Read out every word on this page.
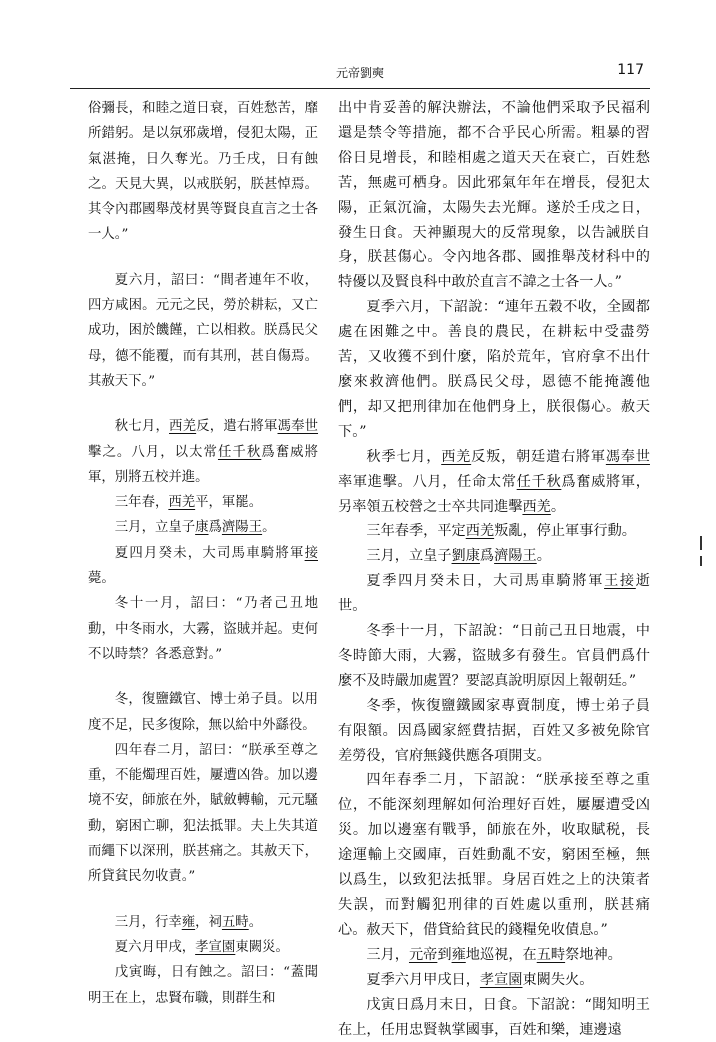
元帝劉奭	117

俗彌長，和睦之道日衰，百姓愁苦，靡所錯躬。是以氛邪歲增，侵犯太陽，正氣湛掩，日久奪光。乃壬戌，日有蝕之。天見大異，以戒朕躬，朕甚悼焉。其令內郡國舉茂材異等賢良直言之士各一人。”

夏六月，詔曰：“間者連年不收，四方咸困。元元之民，勞於耕耘，又亡成功，困於饑饉，亡以相救。朕爲民父母，德不能覆，而有其刑，甚自傷焉。其赦天下。”

秋七月，西羌反，遣右將軍馮奉世擊之。八月，以太常任千秋爲奮威將軍，別將五校并進。

三年春，西羌平，軍罷。

三月，立皇子康爲濟陽王。

夏四月癸未，大司馬車騎將軍接薨。

冬十一月，詔曰：“乃者己丑地動，中冬雨水，大霧，盜賊并起。吏何不以時禁？各悉意對。”

冬，復鹽鐵官、博士弟子員。以用度不足，民多復除，無以給中外繇役。

四年春二月，詔曰：“朕承至尊之重，不能燭理百姓，屢遭凶咎。加以邊境不安，師旅在外，賦斂轉輸，元元騷動，窮困亡聊，犯法抵罪。夫上失其道而繩下以深刑，朕甚痛之。其赦天下，所貸貧民勿收責。”

三月，行幸雍，祠五畤。

夏六月甲戌，孝宣園東闕災。

戊寅晦，日有蝕之。詔曰：“蓋聞明王在上，忠賢布職，則群生和

出中肯妥善的解決辦法，不論他們采取予民福利還是禁令等措施，都不合乎民心所需。粗暴的習俗日見增長，和睦相處之道天天在衰亡，百姓愁苦，無處可栖身。因此邪氣年年在增長，侵犯太陽，正氣沉淪，太陽失去光輝。遂於壬戌之日，發生日食。天神顯現大的反常現象，以告誡朕自身，朕甚傷心。令內地各郡、國推舉茂材科中的特優以及賢良科中敢於直言不諱之士各一人。”

夏季六月，下詔說：“連年五穀不收，全國都處在困難之中。善良的農民，在耕耘中受盡勞苦，又收獲不到什麼，陷於荒年，官府拿不出什麼來救濟他們。朕爲民父母，恩德不能掩護他們，却又把刑律加在他們身上，朕很傷心。赦天下。”

秋季七月，西羌反叛，朝廷遣右將軍馮奉世率軍進擊。八月，任命太常任千秋爲奮威將軍，另率領五校營之士卒共同進擊西羌。

三年春季，平定西羌叛亂，停止軍事行動。

三月，立皇子劉康爲濟陽王。

夏季四月癸未日，大司馬車騎將軍王接逝世。

冬季十一月，下詔說：“日前己丑日地震，中冬時節大雨，大霧，盜賊多有發生。官員們爲什麼不及時嚴加處置？要認真說明原因上報朝廷。”

冬季，恢復鹽鐵國家專賣制度，博士弟子員有限額。因爲國家經費拮据，百姓又多被免除官差勞役，官府無錢供應各項開支。

四年春季二月，下詔說：“朕承接至尊之重位，不能深刻理解如何治理好百姓，屢屢遭受凶災。加以邊塞有戰爭，師旅在外，收取賦税，長途運輸上交國庫，百姓動亂不安，窮困至極，無以爲生，以致犯法抵罪。身居百姓之上的決策者失誤，而對觸犯刑律的百姓處以重刑，朕甚痛心。赦天下，借貸給貧民的錢糧免收債息。”

三月，元帝到雍地巡視，在五畤祭地神。

夏季六月甲戌日，孝宣園東闕失火。

戊寅日爲月末日，日食。下詔說：“聞知明王在上，任用忠賢執掌國事，百姓和樂，連邊遠
